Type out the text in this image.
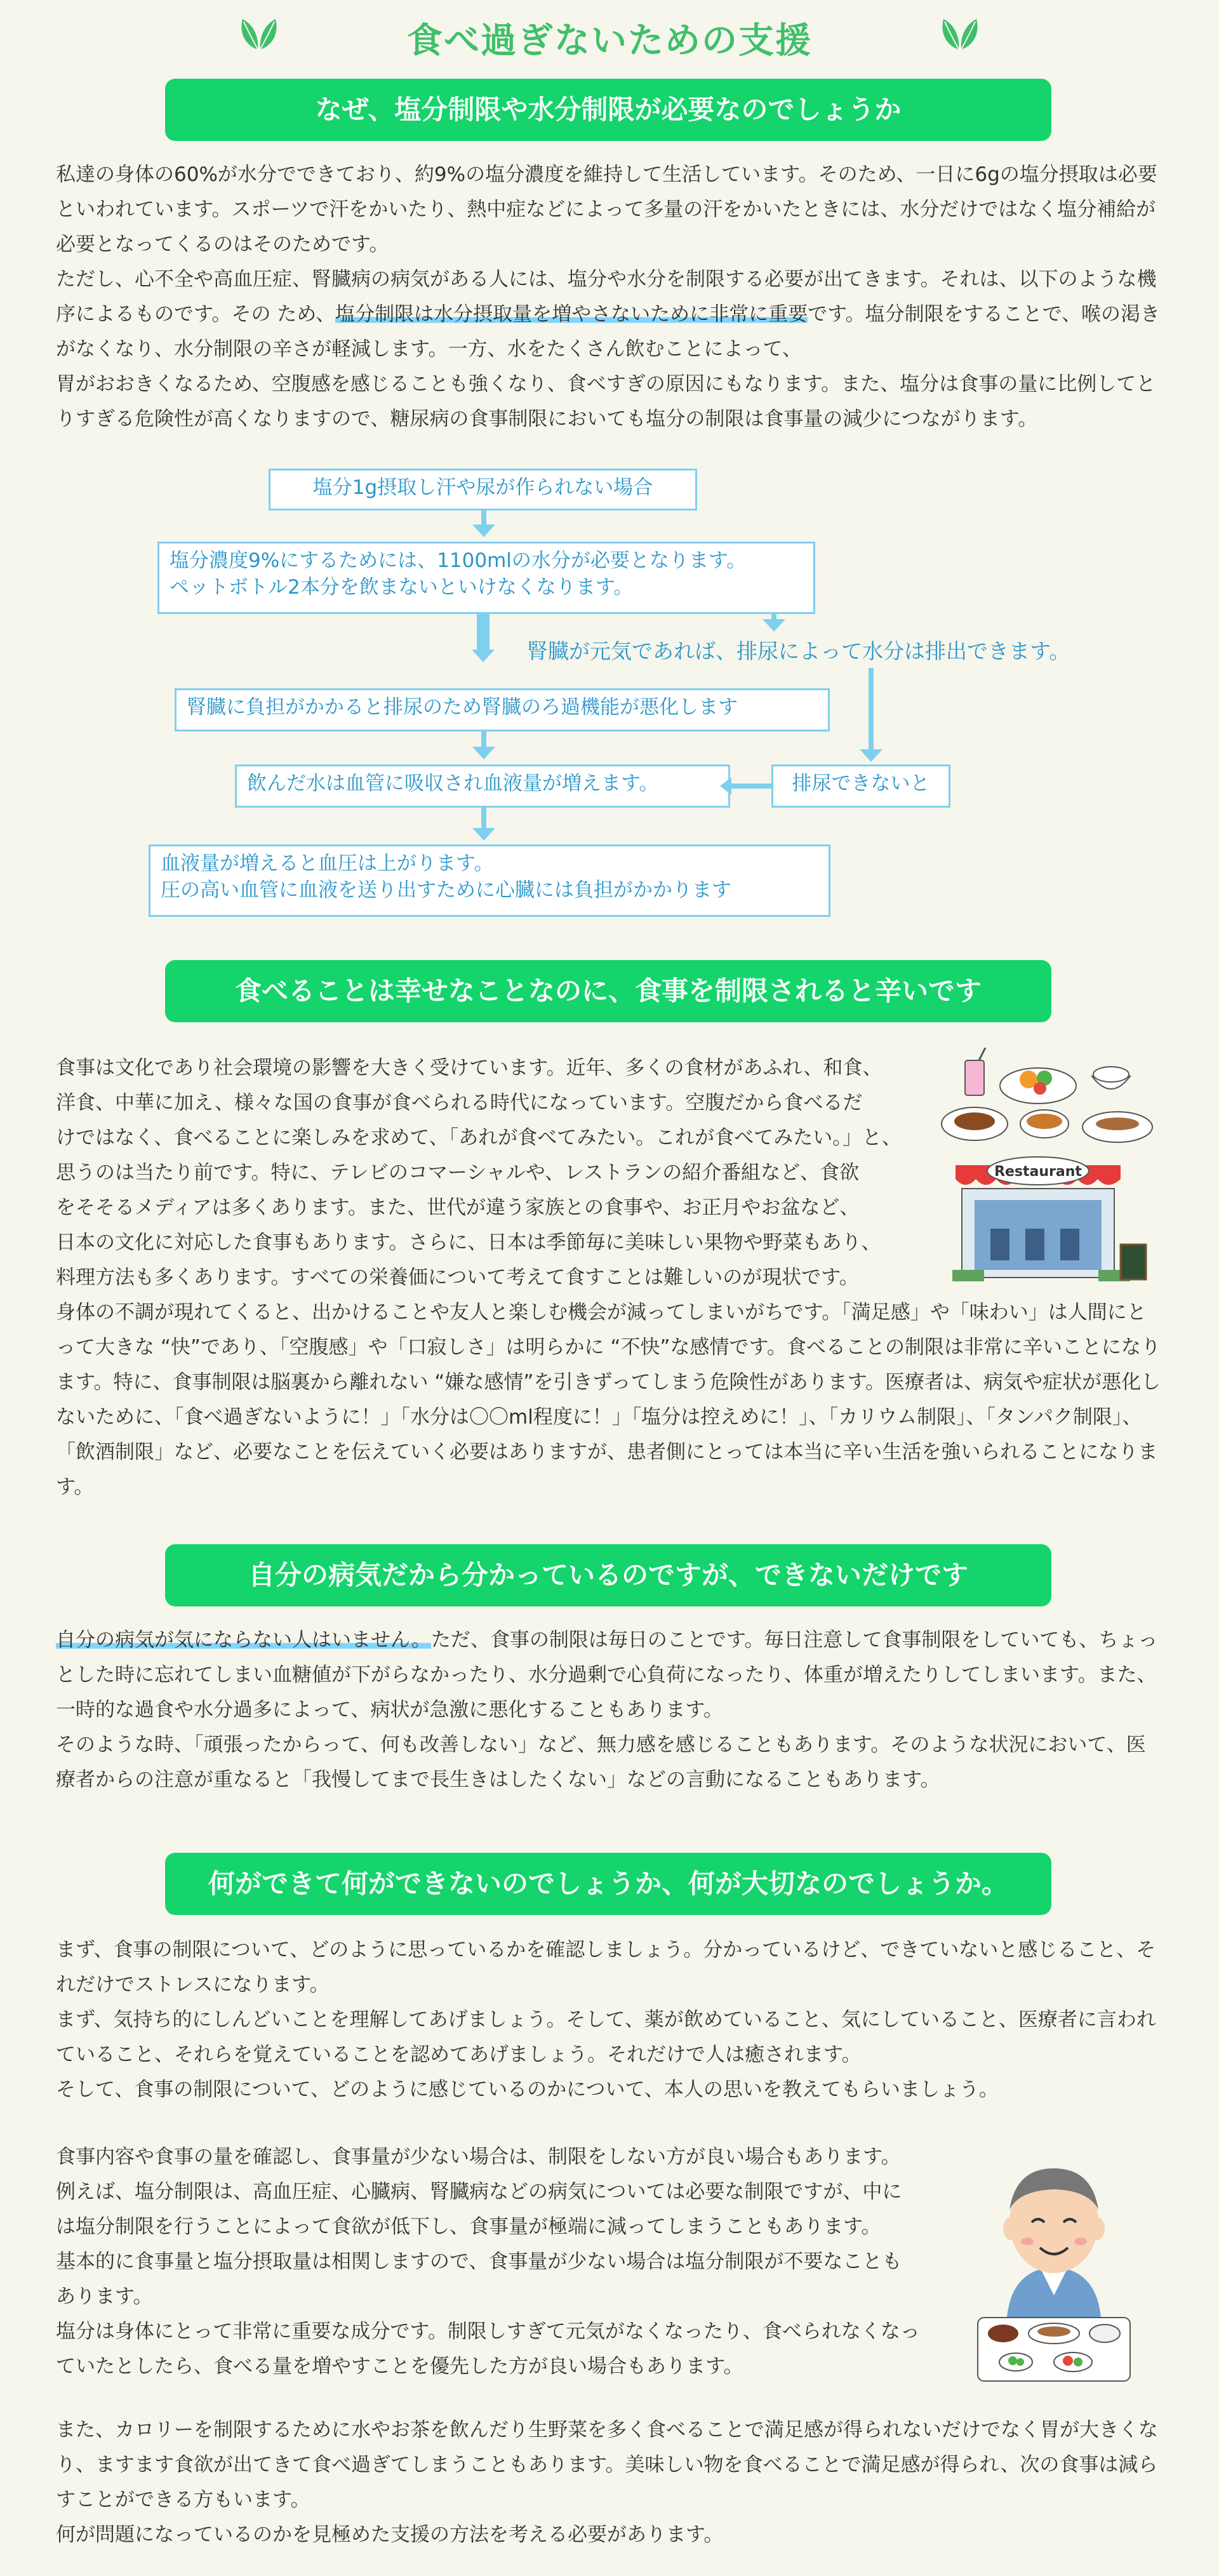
食べ過ぎないための支援
なぜ、塩分制限や水分制限が必要なのでしょうか

私達の身体の60%が水分でできており、約9%の塩分濃度を維持して生活しています。そのため、一日に6gの塩分摂取は必要といわれています。スポーツで汗をかいたり、熱中症などによって多量の汗をかいたときには、水分だけではなく塩分補給が必要となってくるのはそのためです。

ただし、心不全や高血圧症、腎臓病の病気がある人には、塩分や水分を制限する必要が出てきます。それは、以下のような機序によるものです。その ため、塩分制限は水分摂取量を増やさないために非常に重要です。塩分制限をすることで、喉の渇きがなくなり、水分制限の辛さが軽減します。一方、水をたくさん飲むことによって、

胃がおおきくなるため、空腹感を感じることも強くなり、食べすぎの原因にもなります。また、塩分は食事の量に比例してとりすぎる危険性が高くなりますので、糖尿病の食事制限においても塩分の制限は食事量の減少につながります。

塩分1g摂取し汗や尿が作られない場合
塩分濃度9%にするためには、1100mlの水分が必要となります。
ペットボトル2本分を飲まないといけなくなります。
腎臓が元気であれば、排尿によって水分は排出できます。
腎臓に負担がかかると排尿のため腎臓のろ過機能が悪化します
飲んだ水は血管に吸収され血液量が増えます。	排尿できないと
血液量が増えると血圧は上がります。
圧の高い血管に血液を送り出すために心臓には負担がかかります
食べることは幸せなことなのに、食事を制限されると辛いです

食事は文化であり社会環境の影響を大きく受けています。近年、多くの食材があふれ、和食、

洋食、中華に加え、様々な国の食事が食べられる時代になっています。空腹だから食べるだ

けではなく、食べることに楽しみを求めて、「あれが食べてみたい。これが食べてみたい。」と、

思うのは当たり前です。特に、テレビのコマーシャルや、レストランの紹介番組など、食欲

をそそるメディアは多くあります。また、世代が違う家族との食事や、お正月やお盆など、

日本の文化に対応した食事もあります。さらに、日本は季節毎に美味しい果物や野菜もあり、

料理方法も多くあります。すべての栄養価について考えて食すことは難しいのが現状です。

身体の不調が現れてくると、出かけることや友人と楽しむ機会が減ってしまいがちです。「満足感」や「味わい」は人間にとって大きな “快”であり、「空腹感」や「口寂しさ」は明らかに “不快”な感情です。食べることの制限は非常に辛いことになります。特に、食事制限は脳裏から離れない “嫌な感情”を引きずってしまう危険性があります。医療者は、病気や症状が悪化しないために、「食べ過ぎないように！」「水分は〇〇ml程度に！」「塩分は控えめに！」、「カリウム制限」、「タンパク制限」、「飲酒制限」など、必要なことを伝えていく必要はありますが、患者側にとっては本当に辛い生活を強いられることになります。

Restaurant
自分の病気だから分かっているのですが、できないだけです

自分の病気が気にならない人はいません。ただ、食事の制限は毎日のことです。毎日注意して食事制限をしていても、ちょっとした時に忘れてしまい血糖値が下がらなかったり、水分過剰で心負荷になったり、体重が増えたりしてしまいます。また、一時的な過食や水分過多によって、病状が急激に悪化することもあります。

そのような時、「頑張ったからって、何も改善しない」など、無力感を感じることもあります。そのような状況において、医療者からの注意が重なると「我慢してまで長生きはしたくない」などの言動になることもあります。

何ができて何ができないのでしょうか、何が大切なのでしょうか。

まず、食事の制限について、どのように思っているかを確認しましょう。分かっているけど、できていないと感じること、それだけでストレスになります。

まず、気持ち的にしんどいことを理解してあげましょう。そして、薬が飲めていること、気にしていること、医療者に言われていること、それらを覚えていることを認めてあげましょう。それだけで人は癒されます。

そして、食事の制限について、どのように感じているのかについて、本人の思いを教えてもらいましょう。

食事内容や食事の量を確認し、食事量が少ない場合は、制限をしない方が良い場合もあります。

例えば、塩分制限は、高血圧症、心臓病、腎臓病などの病気については必要な制限ですが、中に

は塩分制限を行うことによって食欲が低下し、食事量が極端に減ってしまうこともあります。

基本的に食事量と塩分摂取量は相関しますので、食事量が少ない場合は塩分制限が不要なことも

あります。

塩分は身体にとって非常に重要な成分です。制限しすぎて元気がなくなったり、食べられなくなっ

ていたとしたら、食べる量を増やすことを優先した方が良い場合もあります。

また、カロリーを制限するために水やお茶を飲んだり生野菜を多く食べることで満足感が得られないだけでなく胃が大きくなり、ますます食欲が出てきて食べ過ぎてしまうこともあります。美味しい物を食べることで満足感が得られ、次の食事は減らすことができる方もいます。

何が問題になっているのかを見極めた支援の方法を考える必要があります。
